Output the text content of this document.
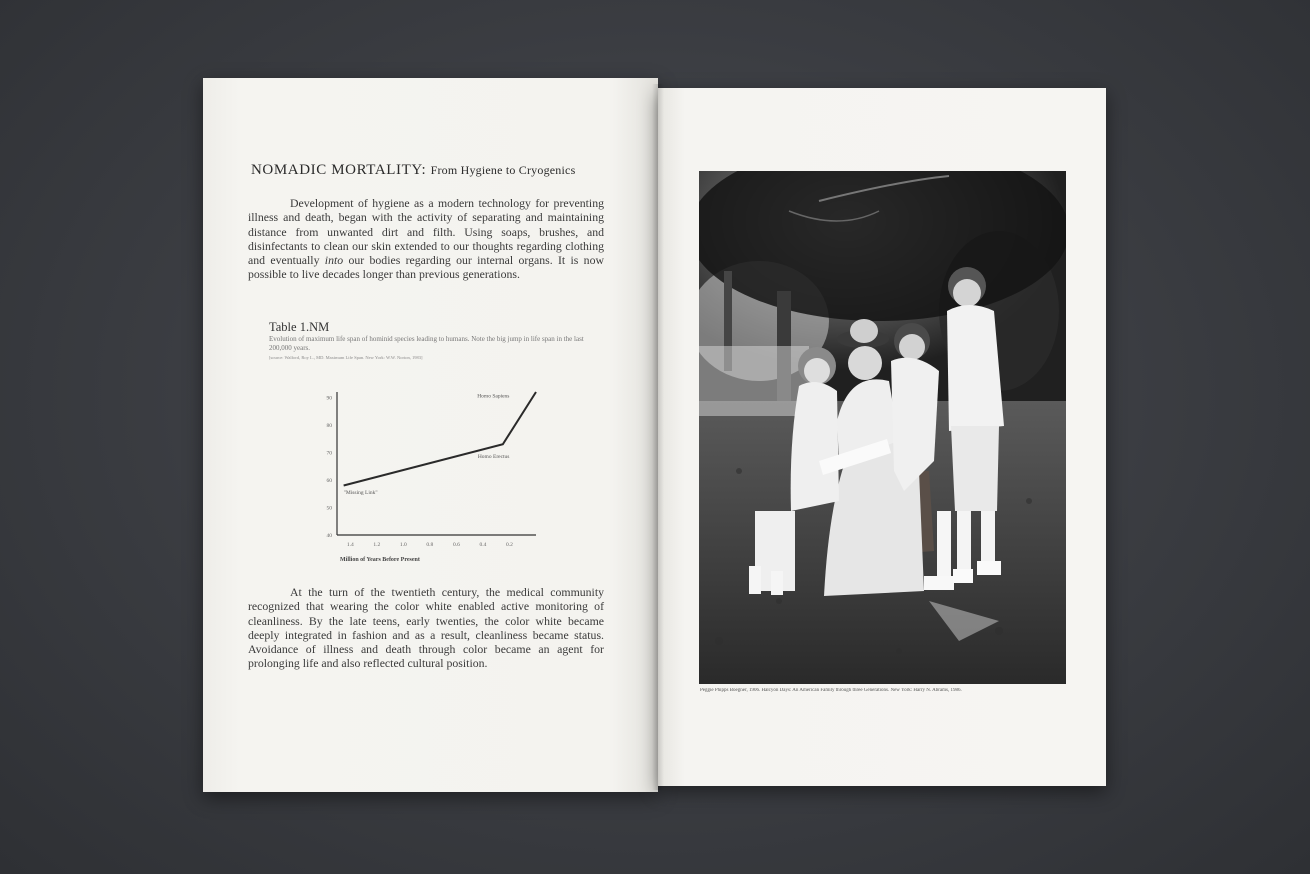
NOMADIC MORTALITY: From Hygiene to Cryogenics

Development of hygiene as a modern technology for preventing illness and death, began with the activity of separating and maintaining distance from unwanted dirt and filth. Using soaps, brushes, and disinfectants to clean our skin extended to our thoughts regarding clothing and eventually into our bodies regarding our internal organs. It is now possible to live decades longer than previous generations.

Table 1.NM
Evolution of maximum life span of hominid species leading to humans. Note the big jump in life span in the last 200,000 years.
[source: Walford, Roy L., MD. Maximum Life Span. New York: W.W. Norton, 1983]
40
50
60
70
80
90
1.4	1.2	1.0	0.8	0.6	0.4	0.2
Homo Sapiens
Homo Erectus
"Missing Link"
Million of Years Before Present

At the turn of the twentieth century, the medical community recognized that wearing the color white enabled active monitoring of cleanliness. By the late teens, early twenties, the color white became deeply integrated in fashion and as a result, cleanliness became status. Avoidance of illness and death through color became an agent for prolonging life and also reflected cultural position.

Peggie Phipps Boegner, 1906. Halcyon Days: An American Family through three Generations. New York: Harry N. Abrams, 1986.
